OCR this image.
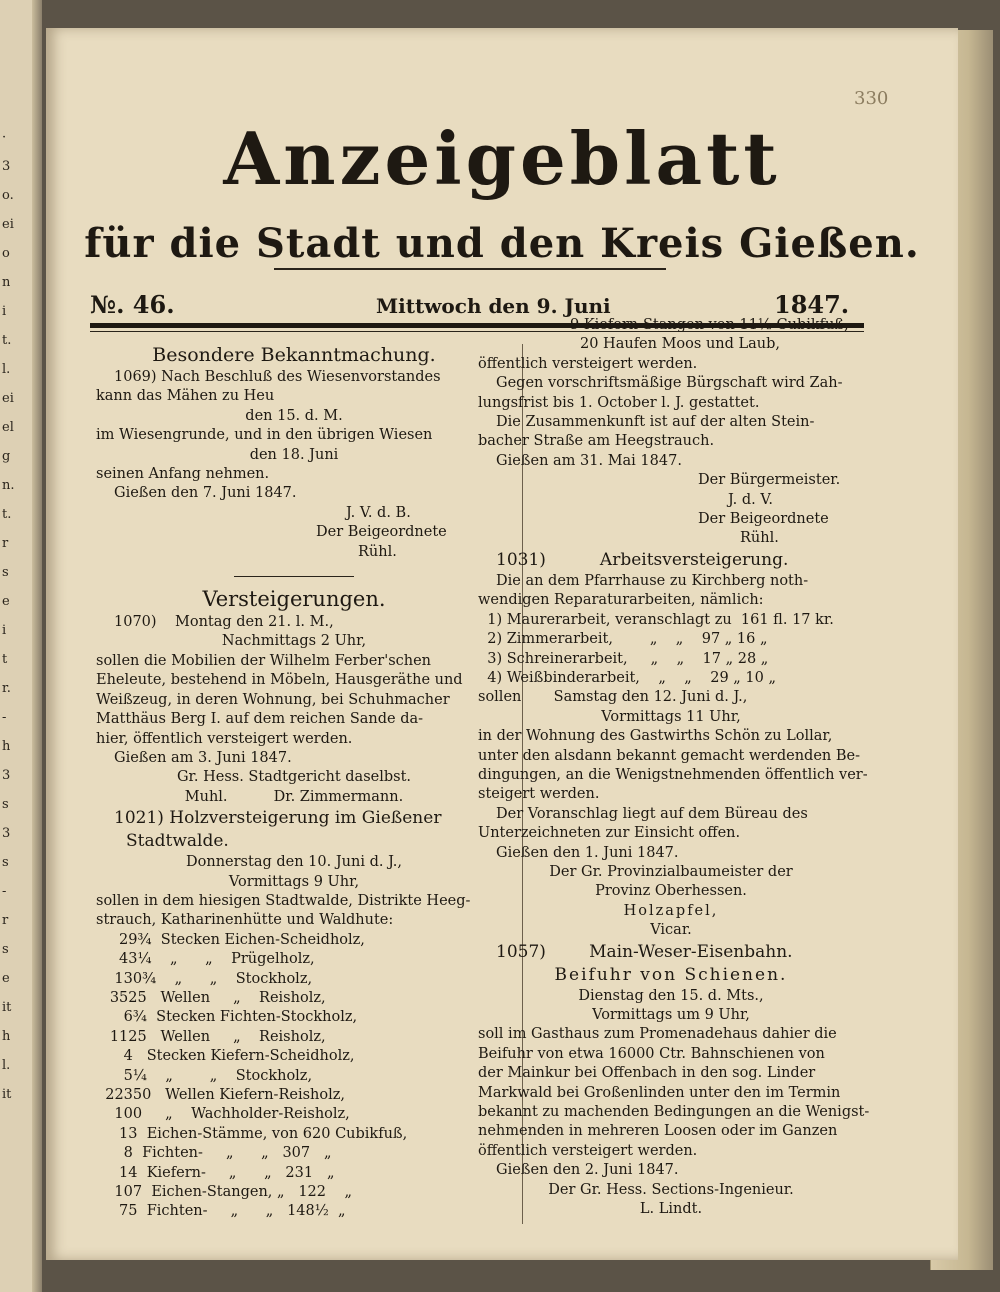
·
3
o.
ei
o
n
i
t.
l.
ei
el
g
n.
t.
r
s
e
i
t
r.
-
h
3
s
3
s
-
r
s
e
it
h
l.
it
330
Anzeigeblatt
für die Stadt und den Kreis Gießen.
№. 46.	Mittwoch den 9. Juni	1847.
Besondere Bekanntmachung.
1069) Nach Beschluß des Wiesenvorstandes
kann das Mähen zu Heu
den 15. d. M.
im Wiesengrunde, und in den übrigen Wiesen
den 18. Juni
seinen Anfang nehmen.
Gießen den 7. Juni 1847.
J. V. d. B.
Der Beigeordnete
Rühl.
Versteigerungen.
1070)    Montag den 21. l. M.,
Nachmittags 2 Uhr,
sollen die Mobilien der Wilhelm Ferber'schen
Eheleute, bestehend in Möbeln, Hausgeräthe und
Weißzeug, in deren Wohnung, bei Schuhmacher
Matthäus Berg I. auf dem reichen Sande da-
hier, öffentlich versteigert werden.
Gießen am 3. Juni 1847.
Gr. Hess. Stadtgericht daselbst.
Muhl.          Dr. Zimmermann.
1021) Holzversteigerung im Gießener
Stadtwalde.
Donnerstag den 10. Juni d. J.,
Vormittags 9 Uhr,
sollen in dem hiesigen Stadtwalde, Distrikte Heeg-
strauch, Katharinenhütte und Waldhute:
29¾  Stecken Eichen-Scheidholz,
43¼    „      „    Prügelholz,
130¾    „      „    Stockholz,
3525   Wellen     „    Reisholz,
6¾  Stecken Fichten-Stockholz,
1125   Wellen     „    Reisholz,
4   Stecken Kiefern-Scheidholz,
5¼    „        „    Stockholz,
22350   Wellen Kiefern-Reisholz,
100     „    Wachholder-Reisholz,
13  Eichen-Stämme, von 620 Cubikfuß,
8  Fichten-     „      „   307   „
14  Kiefern-     „      „   231   „
107  Eichen-Stangen, „   122    „
75  Fichten-     „      „   148½  „
9 Kiefern-Stangen von 11½ Cubikfuß,
20 Haufen Moos und Laub,
öffentlich versteigert werden.
Gegen vorschriftsmäßige Bürgschaft wird Zah-
lungsfrist bis 1. October l. J. gestattet.
Die Zusammenkunft ist auf der alten Stein-
bacher Straße am Heegstrauch.
Gießen am 31. Mai 1847.
Der Bürgermeister.
J. d. V.
Der Beigeordnete
Rühl.
1031)          Arbeitsversteigerung.
Die an dem Pfarrhause zu Kirchberg noth-
wendigen Reparaturarbeiten, nämlich:
1) Maurerarbeit, veranschlagt zu  161 fl. 17 kr.
2) Zimmerarbeit,        „    „    97 „ 16 „
3) Schreinerarbeit,     „    „    17 „ 28 „
4) Weißbinderarbeit,    „    „    29 „ 10 „
sollen       Samstag den 12. Juni d. J.,
Vormittags 11 Uhr,
in der Wohnung des Gastwirths Schön zu Lollar,
unter den alsdann bekannt gemacht werdenden Be-
dingungen, an die Wenigstnehmenden öffentlich ver-
steigert werden.
Der Voranschlag liegt auf dem Büreau des
Unterzeichneten zur Einsicht offen.
Gießen den 1. Juni 1847.
Der Gr. Provinzialbaumeister der
Provinz Oberhessen.
Holzapfel,
Vicar.
1057)        Main-Weser-Eisenbahn.
Beifuhr von Schienen.
Dienstag den 15. d. Mts.,
Vormittags um 9 Uhr,
soll im Gasthaus zum Promenadehaus dahier die
Beifuhr von etwa 16000 Ctr. Bahnschienen von
der Mainkur bei Offenbach in den sog. Linder
Markwald bei Großenlinden unter den im Termin
bekannt zu machenden Bedingungen an die Wenigst-
nehmenden in mehreren Loosen oder im Ganzen
öffentlich versteigert werden.
Gießen den 2. Juni 1847.
Der Gr. Hess. Sections-Ingenieur.
L. Lindt.
